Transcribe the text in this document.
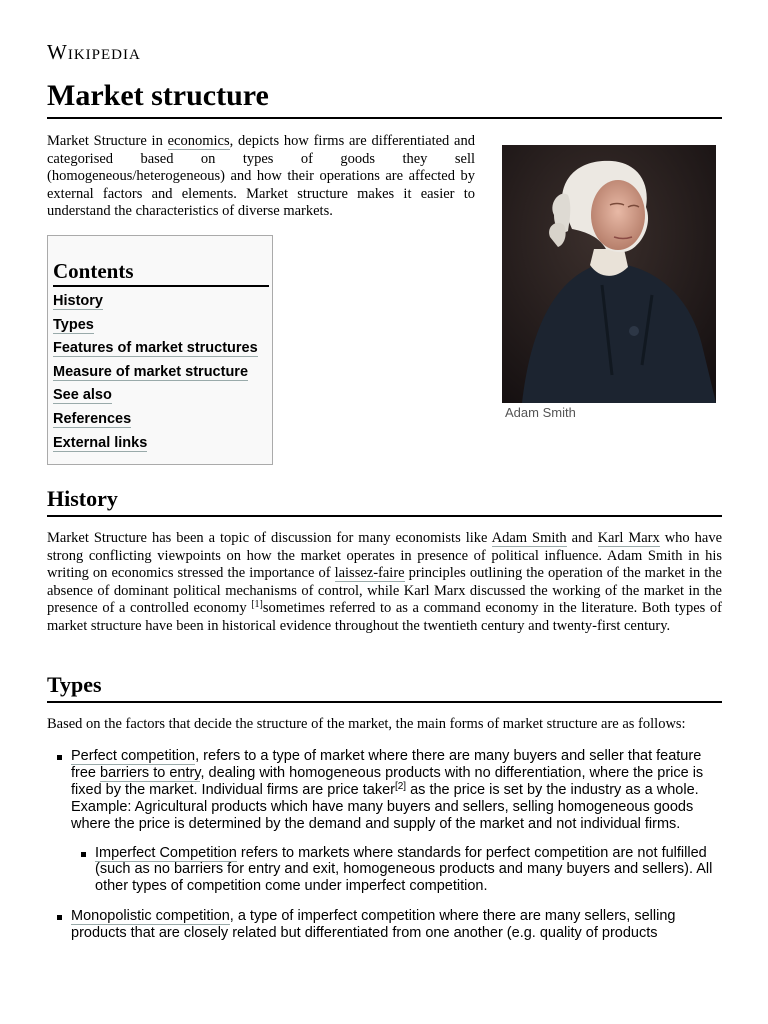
Wikipedia
Market structure

Market Structure in economics, depicts how firms are differentiated and categorised based on types of goods they sell (homogeneous/heterogeneous) and how their operations are affected by external factors and elements. Market structure makes it easier to understand the characteristics of diverse markets.

Adam Smith
Contents
History
Types
Features of market structures
Measure of market structure
See also
References
External links
History

Market Structure has been a topic of discussion for many economists like Adam Smith and Karl Marx who have strong conflicting viewpoints on how the market operates in presence of political influence. Adam Smith in his writing on economics stressed the importance of laissez-faire principles outlining the operation of the market in the absence of dominant political mechanisms of control, while Karl Marx discussed the working of the market in the presence of a controlled economy [1]sometimes referred to as a command economy in the literature. Both types of market structure have been in historical evidence throughout the twentieth century and twenty-first century.

Types

Based on the factors that decide the structure of the market, the main forms of market structure are as follows:

Perfect competition, refers to a type of market where there are many buyers and seller that feature free barriers to entry, dealing with homogeneous products with no differentiation, where the price is fixed by the market. Individual firms are price taker[2] as the price is set by the industry as a whole. Example: Agricultural products which have many buyers and sellers, selling homogeneous goods where the price is determined by the demand and supply of the market and not individual firms.
Imperfect Competition refers to markets where standards for perfect competition are not fulfilled (such as no barriers for entry and exit, homogeneous products and many buyers and sellers). All other types of competition come under imperfect competition.
Monopolistic competition, a type of imperfect competition where there are many sellers, selling products that are closely related but differentiated from one another (e.g. quality of products
